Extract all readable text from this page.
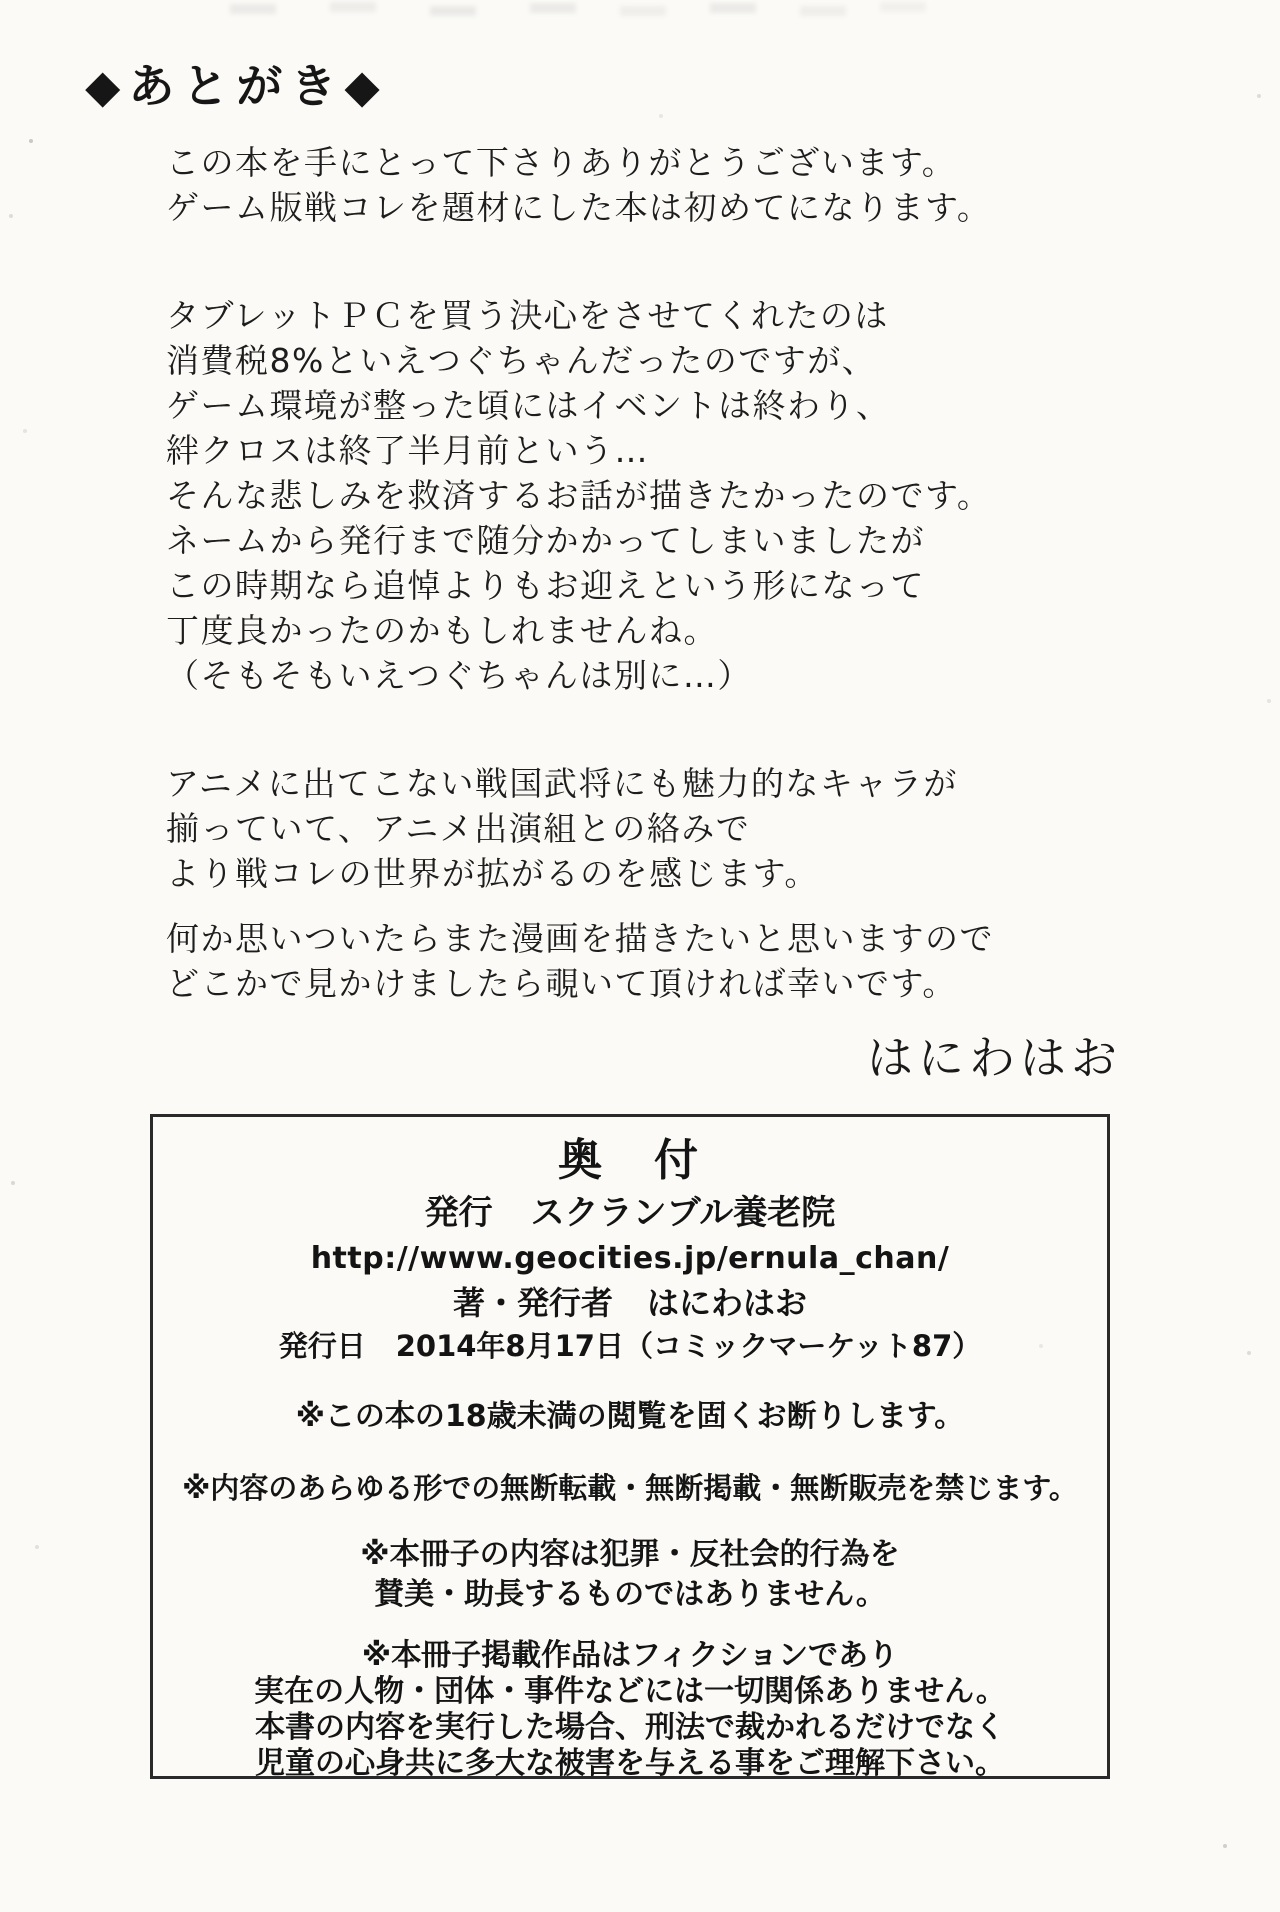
◆あとがき◆
この本を手にとって下さりありがとうございます。
ゲーム版戦コレを題材にした本は初めてになります。
タブレットＰＣを買う決心をさせてくれたのは
消費税8%といえつぐちゃんだったのですが、
ゲーム環境が整った頃にはイベントは終わり、
絆クロスは終了半月前という…
そんな悲しみを救済するお話が描きたかったのです。
ネームから発行まで随分かかってしまいましたが
この時期なら追悼よりもお迎えという形になって
丁度良かったのかもしれませんね。
（そもそもいえつぐちゃんは別に…）
アニメに出てこない戦国武将にも魅力的なキャラが
揃っていて、アニメ出演組との絡みで
より戦コレの世界が拡がるのを感じます。
何か思いついたらまた漫画を描きたいと思いますので
どこかで見かけましたら覗いて頂ければ幸いです。
はにわはお
奥　付
発行 スクランブル養老院
http://www.geocities.jp/ernula_chan/
著・発行者 はにわはお
発行日 2014年8月17日（コミックマーケット87）
※この本の18歳未満の閲覧を固くお断りします。
※内容のあらゆる形での無断転載・無断掲載・無断販売を禁じます。
※本冊子の内容は犯罪・反社会的行為を
賛美・助長するものではありません。
※本冊子掲載作品はフィクションであり
実在の人物・団体・事件などには一切関係ありません。
本書の内容を実行した場合、刑法で裁かれるだけでなく
児童の心身共に多大な被害を与える事をご理解下さい。
